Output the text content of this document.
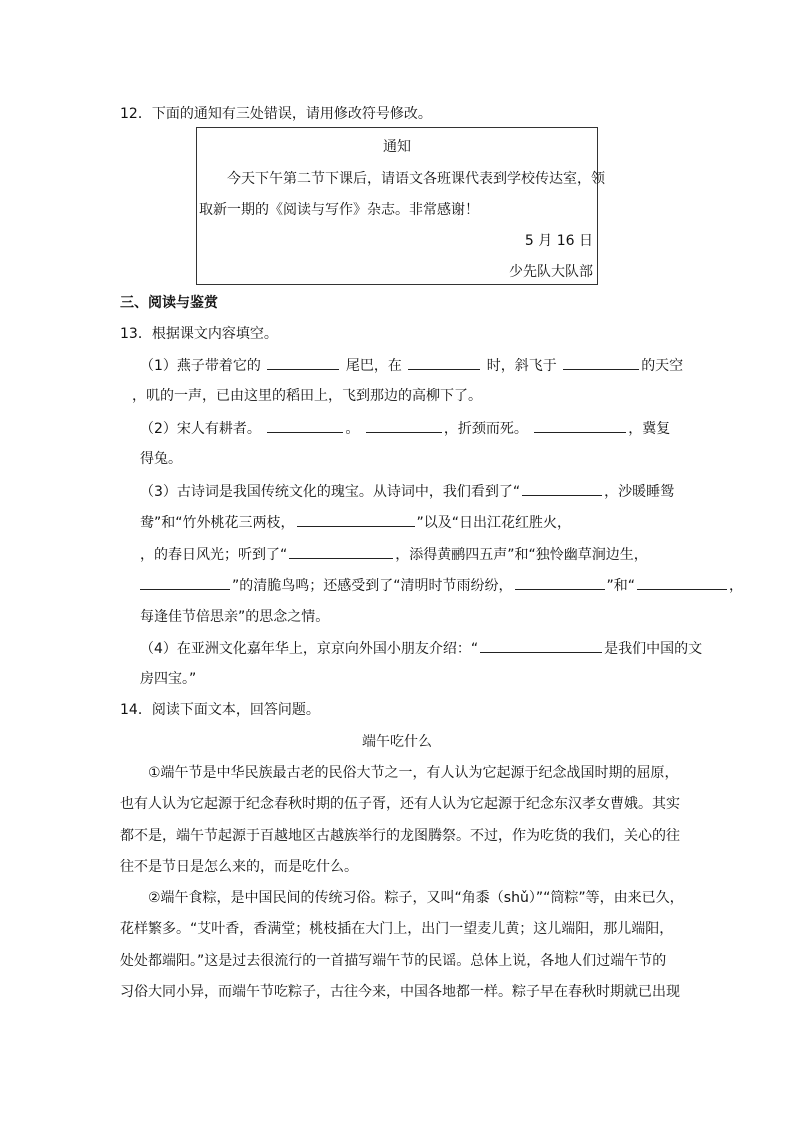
12．下面的通知有三处错误，请用修改符号修改。
通知
今天下午第二节下课后，请语文各班课代表到学校传达室，领
取新一期的《阅读与写作》杂志。非常感谢！
5 月 16 日
少先队大队部
三、阅读与鉴赏
13．根据课文内容填空。
（1）燕子带着它的	尾巴，在	时，斜飞于	的天空
，叽的一声，已由这里的稻田上，飞到那边的高柳下了。
（2）宋人有耕者。	。	，折颈而死。	，冀复
得兔。
（3）古诗词是我国传统文化的瑰宝。从诗词中，我们看到了“	，沙暖睡鸳
鸯”和“竹外桃花三两枝，	”以及“日出江花红胜火，
，的春日风光；听到了“	，添得黄鹂四五声”和“独怜幽草涧边生，
”的清脆鸟鸣；还感受到了“清明时节雨纷纷，	”和“	，
每逢佳节倍思亲”的思念之情。
（4）在亚洲文化嘉年华上，京京向外国小朋友介绍：“	是我们中国的文
房四宝。”
14．阅读下面文本，回答问题。
端午吃什么
①端午节是中华民族最古老的民俗大节之一，有人认为它起源于纪念战国时期的屈原，
也有人认为它起源于纪念春秋时期的伍子胥，还有人认为它起源于纪念东汉孝女曹娥。其实
都不是，端午节起源于百越地区古越族举行的龙图腾祭。不过，作为吃货的我们，关心的往
往不是节日是怎么来的，而是吃什么。
②端午食粽，是中国民间的传统习俗。粽子，又叫“角黍（shǔ）”“筒粽”等，由来已久，
花样繁多。“艾叶香，香满堂；桃枝插在大门上，出门一望麦儿黄；这儿端阳，那儿端阳，
处处都端阳。”这是过去很流行的一首描写端午节的民谣。总体上说，各地人们过端午节的
习俗大同小异，而端午节吃粽子，古往今来，中国各地都一样。粽子早在春秋时期就已出现
